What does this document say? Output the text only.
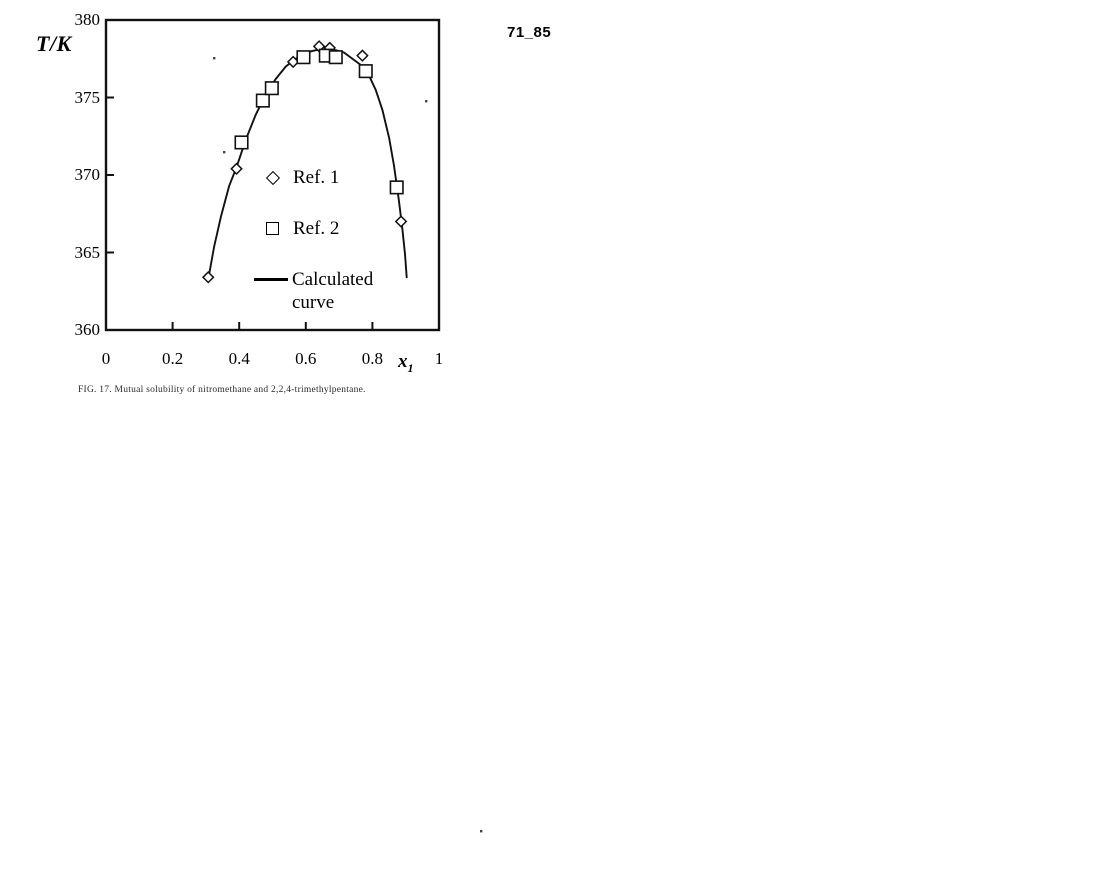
T/K
360
365
370
375
380
0	0.2	0.4	0.6	0.8	1
$x_1$
Ref. 1
Ref. 2
Calculated curve
71_85
FIG. 17. Mutual solubility of nitromethane and 2,2,4-trimethylpentane.
